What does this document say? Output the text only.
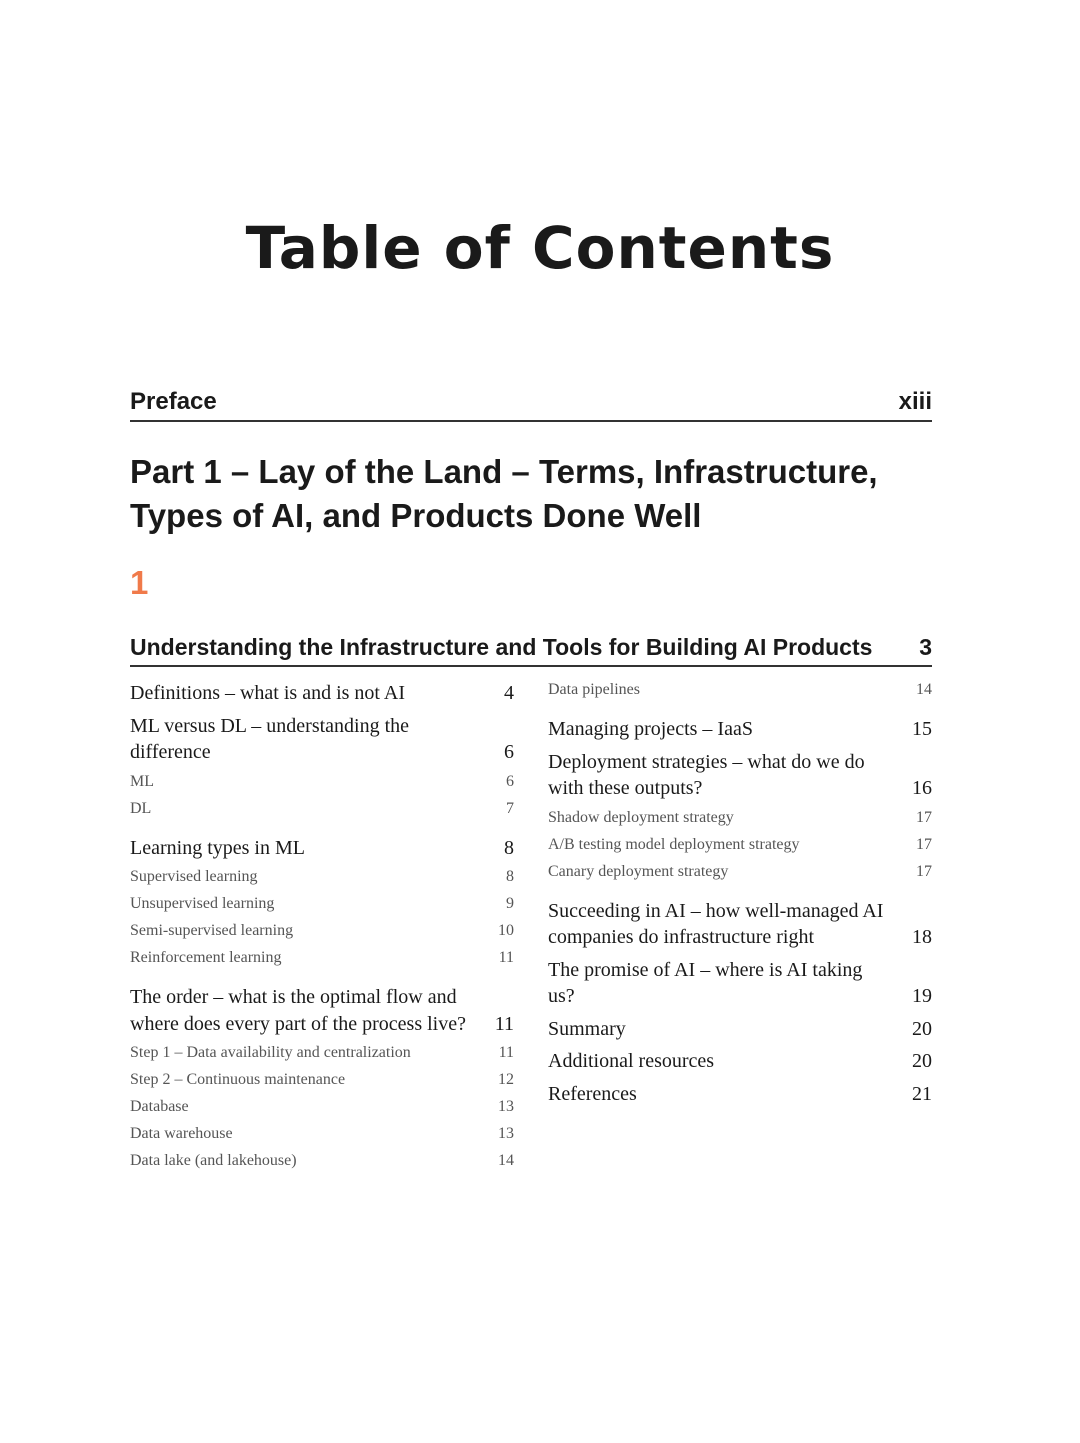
Table of Contents
Preface	xiii
Part 1 – Lay of the Land – Terms, Infrastructure,
Types of AI, and Products Done Well
1
Understanding the Infrastructure and Tools for Building AI Products 3
Definitions – what is and is not AI	4
ML versus DL – understanding the difference	6
ML	6
DL	7
Learning types in ML	8
Supervised learning	8
Unsupervised learning	9
Semi-supervised learning	10
Reinforcement learning	11
The order – what is the optimal flow and where does every part of the process live?	11
Step 1 – Data availability and centralization	11
Step 2 – Continuous maintenance	12
Database	13
Data warehouse	13
Data lake (and lakehouse)	14
Data pipelines	14
Managing projects – IaaS	15
Deployment strategies – what do we do with these outputs?	16
Shadow deployment strategy	17
A/B testing model deployment strategy	17
Canary deployment strategy	17
Succeeding in AI – how well-managed AI companies do infrastructure right	18
The promise of AI – where is AI taking us?	19
Summary	20
Additional resources	20
References	21
